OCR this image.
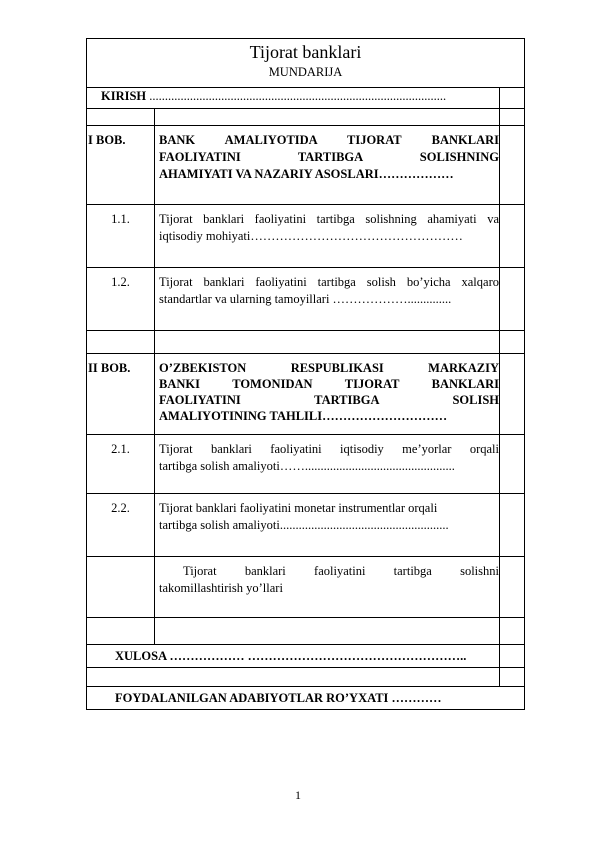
Tijorat banklari
MUNDARIJA		

KIRISH ...............................................................................................		

I BOB.	BANK AMALIYOTIDA TIJORAT BANKLARI
FAOLIYATINI TARTIBGA SOLISHNING
AHAMIYATI VA NAZARIY ASOSLARI………………	

1.1.	Tijorat banklari faoliyatini tartibga solishning ahamiyati va
iqtisodiy mohiyati……………………………………………	

1.2.	Tijorat banklari faoliyatini tartibga solish bo’yicha xalqaro
standartlar va ularning tamoyillari ………………..............	

II BOB.	O’ZBEKISTON RESPUBLIKASI MARKAZIY
BANKI TOMONIDAN TIJORAT BANKLARI
FAOLIYATINI TARTIBGA SOLISH
AMALIYOTINING TAHLILI…………………………	

2.1.	Tijorat banklari faoliyatini iqtisodiy me’yorlar orqali
tartibga solish amaliyoti……................................................	

2.2.	Tijorat banklari faoliyatini monetar instrumentlar orqali
tartibga solish amaliyoti......................................................	

	Tijorat banklari faoliyatini tartibga solishni
takomillashtirish yo’llari	

XULOSA ……………… ……………………………………………..		

FOYDALANILGAN ADABIYOTLAR RO’YXATI …………		
1
